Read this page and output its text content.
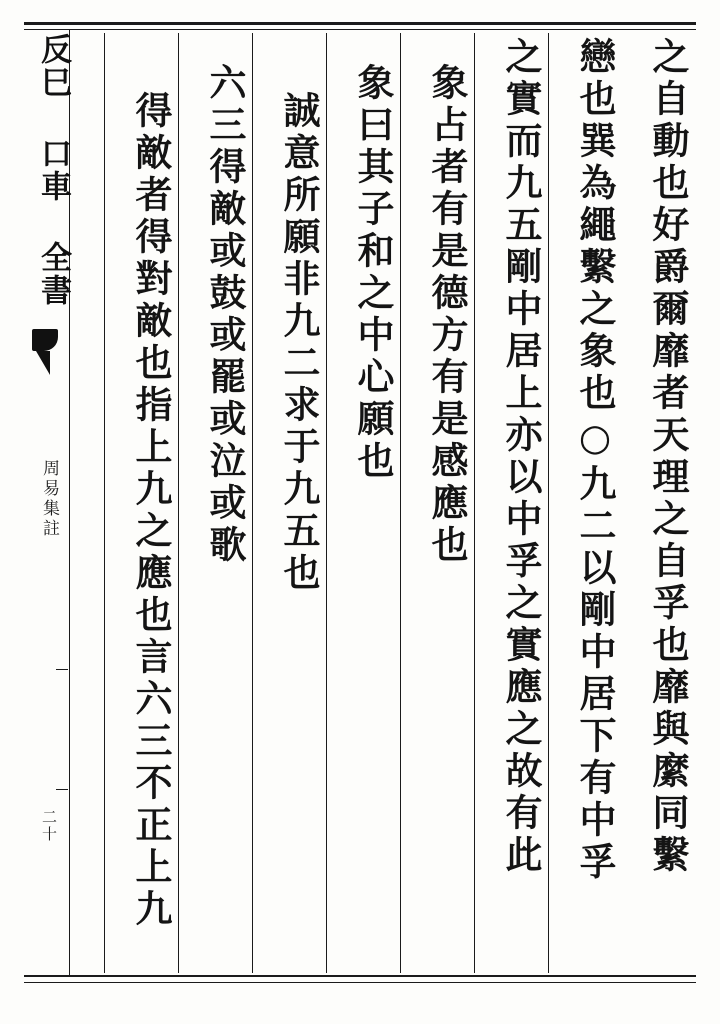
反巳 口車 全書
周易集註
二十	之自動也好爵爾靡者天理之自孚也靡與縻同繫
戀也巽為繩繫之象也○九二以剛中居下有中孚
之實而九五剛中居上亦以中孚之實應之故有此
象占者有是德方有是感應也
象曰其子和之中心願也
誠意所願非九二求于九五也
六三得敵或鼓或罷或泣或歌
得敵者得對敵也指上九之應也言六三不正上九
